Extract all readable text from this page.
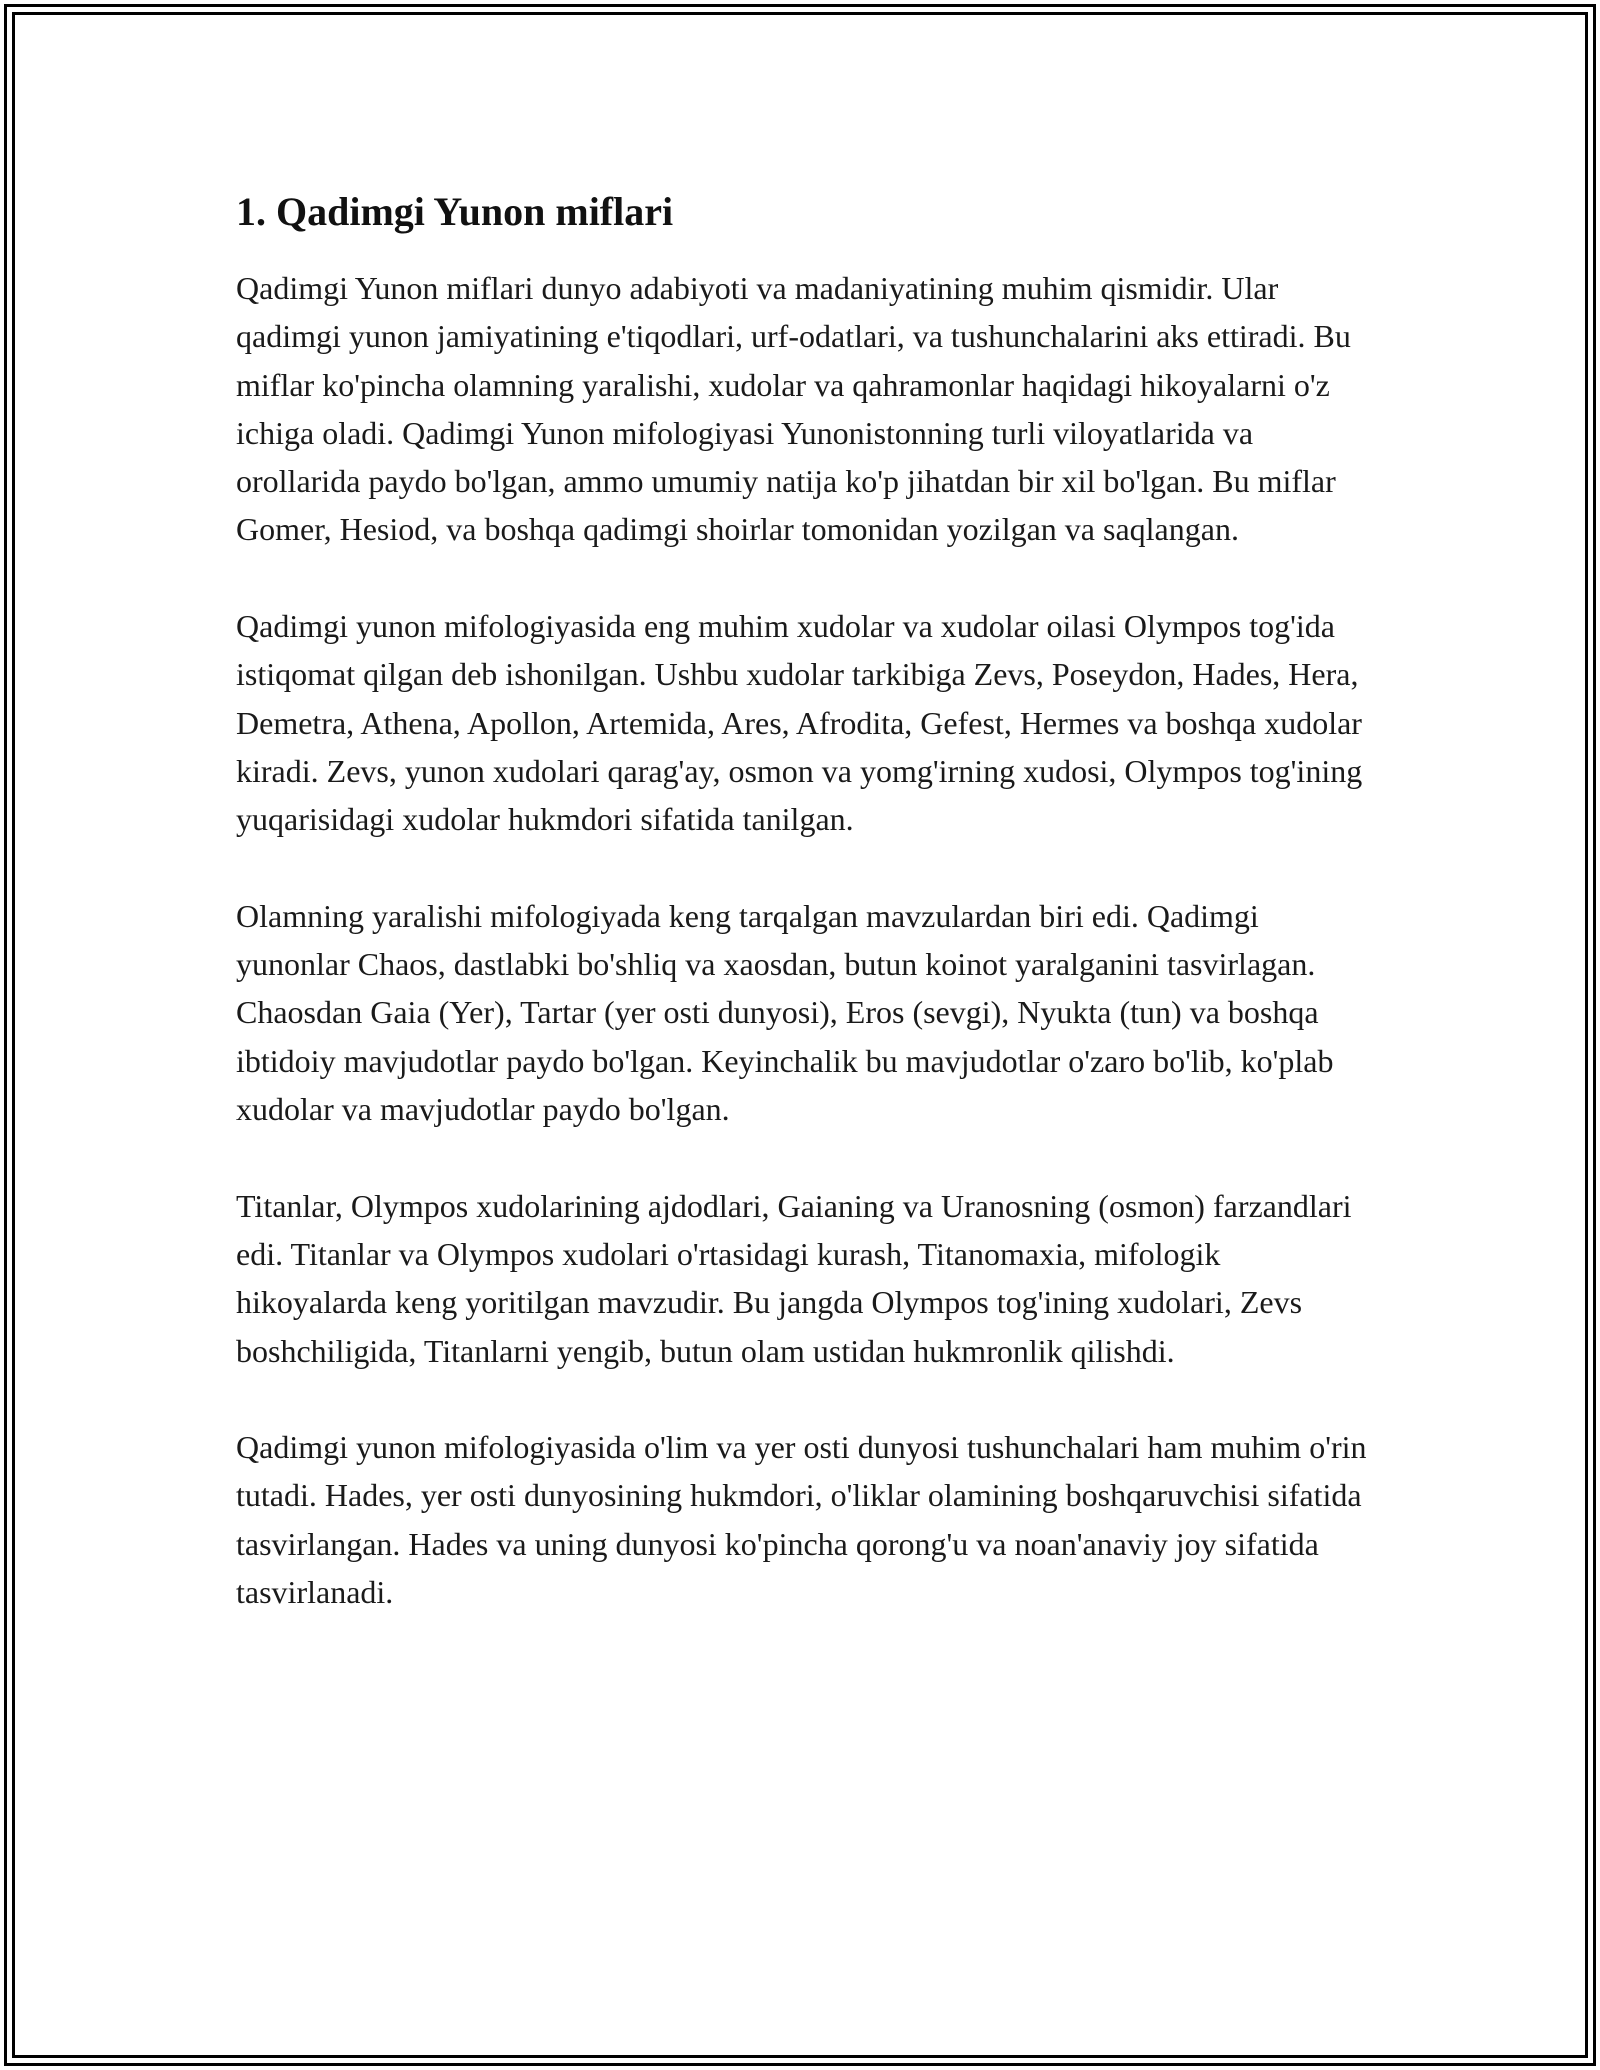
1. Qadimgi Yunon miflari

Qadimgi Yunon miflari dunyo adabiyoti va madaniyatining muhim qismidir. Ular qadimgi yunon jamiyatining e'tiqodlari, urf-odatlari, va tushunchalarini aks ettiradi. Bu miflar ko'pincha olamning yaralishi, xudolar va qahramonlar haqidagi hikoyalarni o'z ichiga oladi. Qadimgi Yunon mifologiyasi Yunonistonning turli viloyatlarida va orollarida paydo bo'lgan, ammo umumiy natija ko'p jihatdan bir xil bo'lgan. Bu miflar Gomer, Hesiod, va boshqa qadimgi shoirlar tomonidan yozilgan va saqlangan.

Qadimgi yunon mifologiyasida eng muhim xudolar va xudolar oilasi Olympos tog'ida istiqomat qilgan deb ishonilgan. Ushbu xudolar tarkibiga Zevs, Poseydon, Hades, Hera, Demetra, Athena, Apollon, Artemida, Ares, Afrodita, Gefest, Hermes va boshqa xudolar kiradi. Zevs, yunon xudolari qarag'ay, osmon va yomg'irning xudosi, Olympos tog'ining yuqarisidagi xudolar hukmdori sifatida tanilgan.

Olamning yaralishi mifologiyada keng tarqalgan mavzulardan biri edi. Qadimgi yunonlar Chaos, dastlabki bo'shliq va xaosdan, butun koinot yaralganini tasvirlagan. Chaosdan Gaia (Yer), Tartar (yer osti dunyosi), Eros (sevgi), Nyukta (tun) va boshqa ibtidoiy mavjudotlar paydo bo'lgan. Keyinchalik bu mavjudotlar o'zaro bo'lib, ko'plab xudolar va mavjudotlar paydo bo'lgan.

Titanlar, Olympos xudolarining ajdodlari, Gaianing va Uranosning (osmon) farzandlari edi. Titanlar va Olympos xudolari o'rtasidagi kurash, Titanomaxia, mifologik hikoyalarda keng yoritilgan mavzudir. Bu jangda Olympos tog'ining xudolari, Zevs boshchiligida, Titanlarni yengib, butun olam ustidan hukmronlik qilishdi.

Qadimgi yunon mifologiyasida o'lim va yer osti dunyosi tushunchalari ham muhim o'rin tutadi. Hades, yer osti dunyosining hukmdori, o'liklar olamining boshqaruvchisi sifatida tasvirlangan. Hades va uning dunyosi ko'pincha qorong'u va noan'anaviy joy sifatida tasvirlanadi.
